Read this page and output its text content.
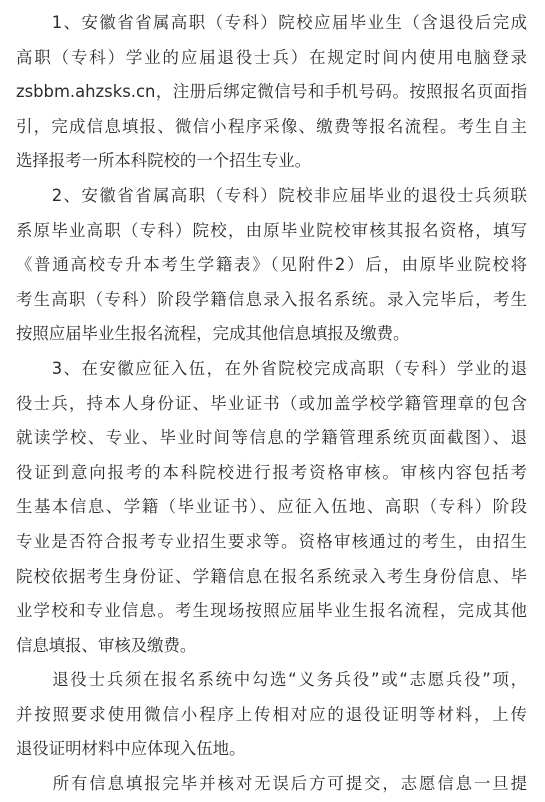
　　1、安徽省省属高职（专科）院校应届毕业生（含退役后完成
高职（专科）学业的应届退役士兵）在规定时间内使用电脑登录
zsbbm.ahzsks.cn，注册后绑定微信号和手机号码。按照报名页面指
引，完成信息填报、微信小程序采像、缴费等报名流程。考生自主
选择报考一所本科院校的一个招生专业。
　　2、安徽省省属高职（专科）院校非应届毕业的退役士兵须联
系原毕业高职（专科）院校，由原毕业院校审核其报名资格，填写
《普通高校专升本考生学籍表》（见附件2）后，由原毕业院校将
考生高职（专科）阶段学籍信息录入报名系统。录入完毕后，考生
按照应届毕业生报名流程，完成其他信息填报及缴费。
　　3、在安徽应征入伍，在外省院校完成高职（专科）学业的退
役士兵，持本人身份证、毕业证书（或加盖学校学籍管理章的包含
就读学校、专业、毕业时间等信息的学籍管理系统页面截图）、退
役证到意向报考的本科院校进行报考资格审核。审核内容包括考
生基本信息、学籍（毕业证书）、应征入伍地、高职（专科）阶段
专业是否符合报考专业招生要求等。资格审核通过的考生，由招生
院校依据考生身份证、学籍信息在报名系统录入考生身份信息、毕
业学校和专业信息。考生现场按照应届毕业生报名流程，完成其他
信息填报、审核及缴费。
　　退役士兵须在报名系统中勾选“义务兵役”或“志愿兵役”项，
并按照要求使用微信小程序上传相对应的退役证明等材料，上传
退役证明材料中应体现入伍地。
　　所有信息填报完毕并核对无误后方可提交，志愿信息一旦提
